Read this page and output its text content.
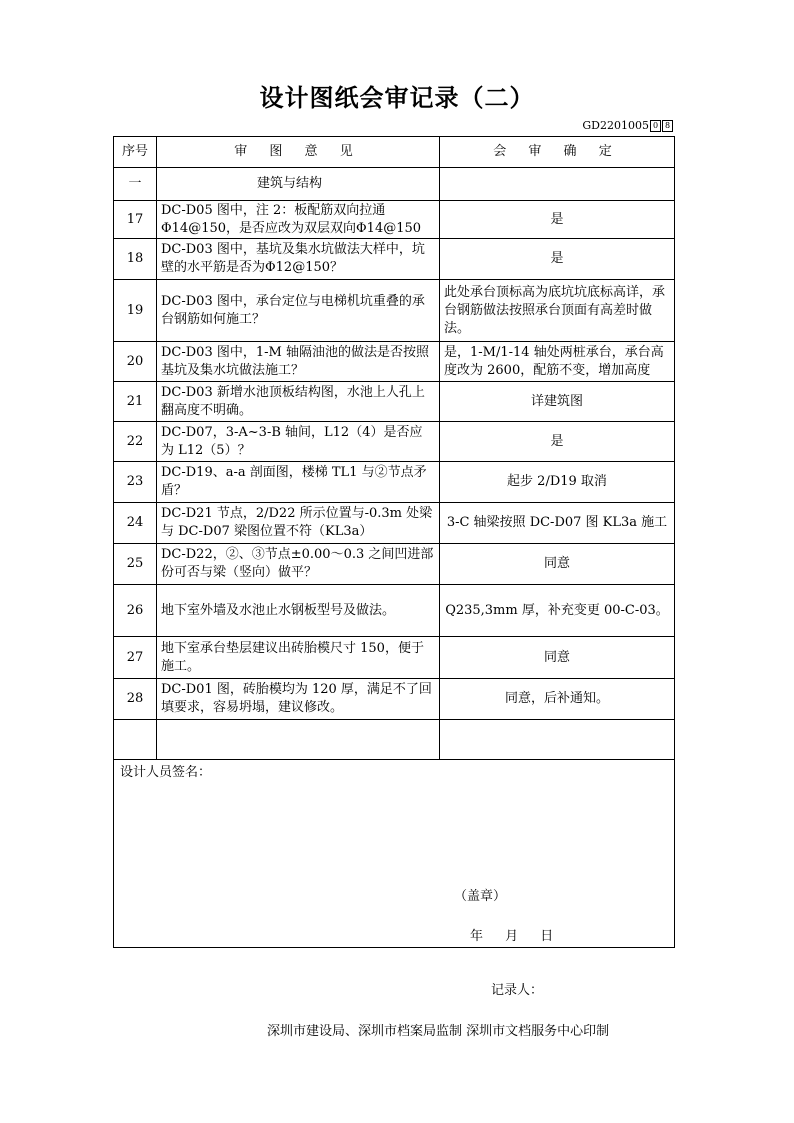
设计图纸会审记录（二）
GD2201005 0 8
序号	审 图 意 见	会 审 确 定
一	建筑与结构	
17	DC-D05 图中，注 2：板配筋双向拉通Φ14@150，是否应改为双层双向Φ14@150	是
18	DC-D03 图中，基坑及集水坑做法大样中，坑壁的水平筋是否为Φ12@150？	是
19	DC-D03 图中，承台定位与电梯机坑重叠的承台钢筋如何施工？	此处承台顶标高为底坑坑底标高详，承台钢筋做法按照承台顶面有高差时做法。
20	DC-D03 图中，1-M 轴隔油池的做法是否按照基坑及集水坑做法施工？	是，1-M/1-14 轴处两桩承台，承台高度改为 2600，配筋不变，增加高度
21	DC-D03 新增水池顶板结构图，水池上人孔上翻高度不明确。	详建筑图
22	DC-D07，3-A~3-B 轴间，L12（4）是否应为 L12（5）？	是
23	DC-D19、a-a 剖面图，楼梯 TL1 与②节点矛盾？	起步 2/D19 取消
24	DC-D21 节点，2/D22 所示位置与-0.3m 处梁与 DC-D07 梁图位置不符（KL3a）	3-C 轴梁按照 DC-D07 图 KL3a 施工
25	DC-D22，②、③节点±0.00～0.3 之间凹进部份可否与梁（竖向）做平？	同意
26	地下室外墙及水池止水钢板型号及做法。	Q235,3mm 厚，补充变更 00-C-03。
27	地下室承台垫层建议出砖胎模尺寸 150，便于施工。	同意
28	DC-D01 图，砖胎模均为 120 厚，满足不了回填要求，容易坍塌，建议修改。	同意，后补通知。

设计人员签名：
（盖章）
年 月 日		
记录人：
深圳市建设局、深圳市档案局监制 深圳市文档服务中心印制
